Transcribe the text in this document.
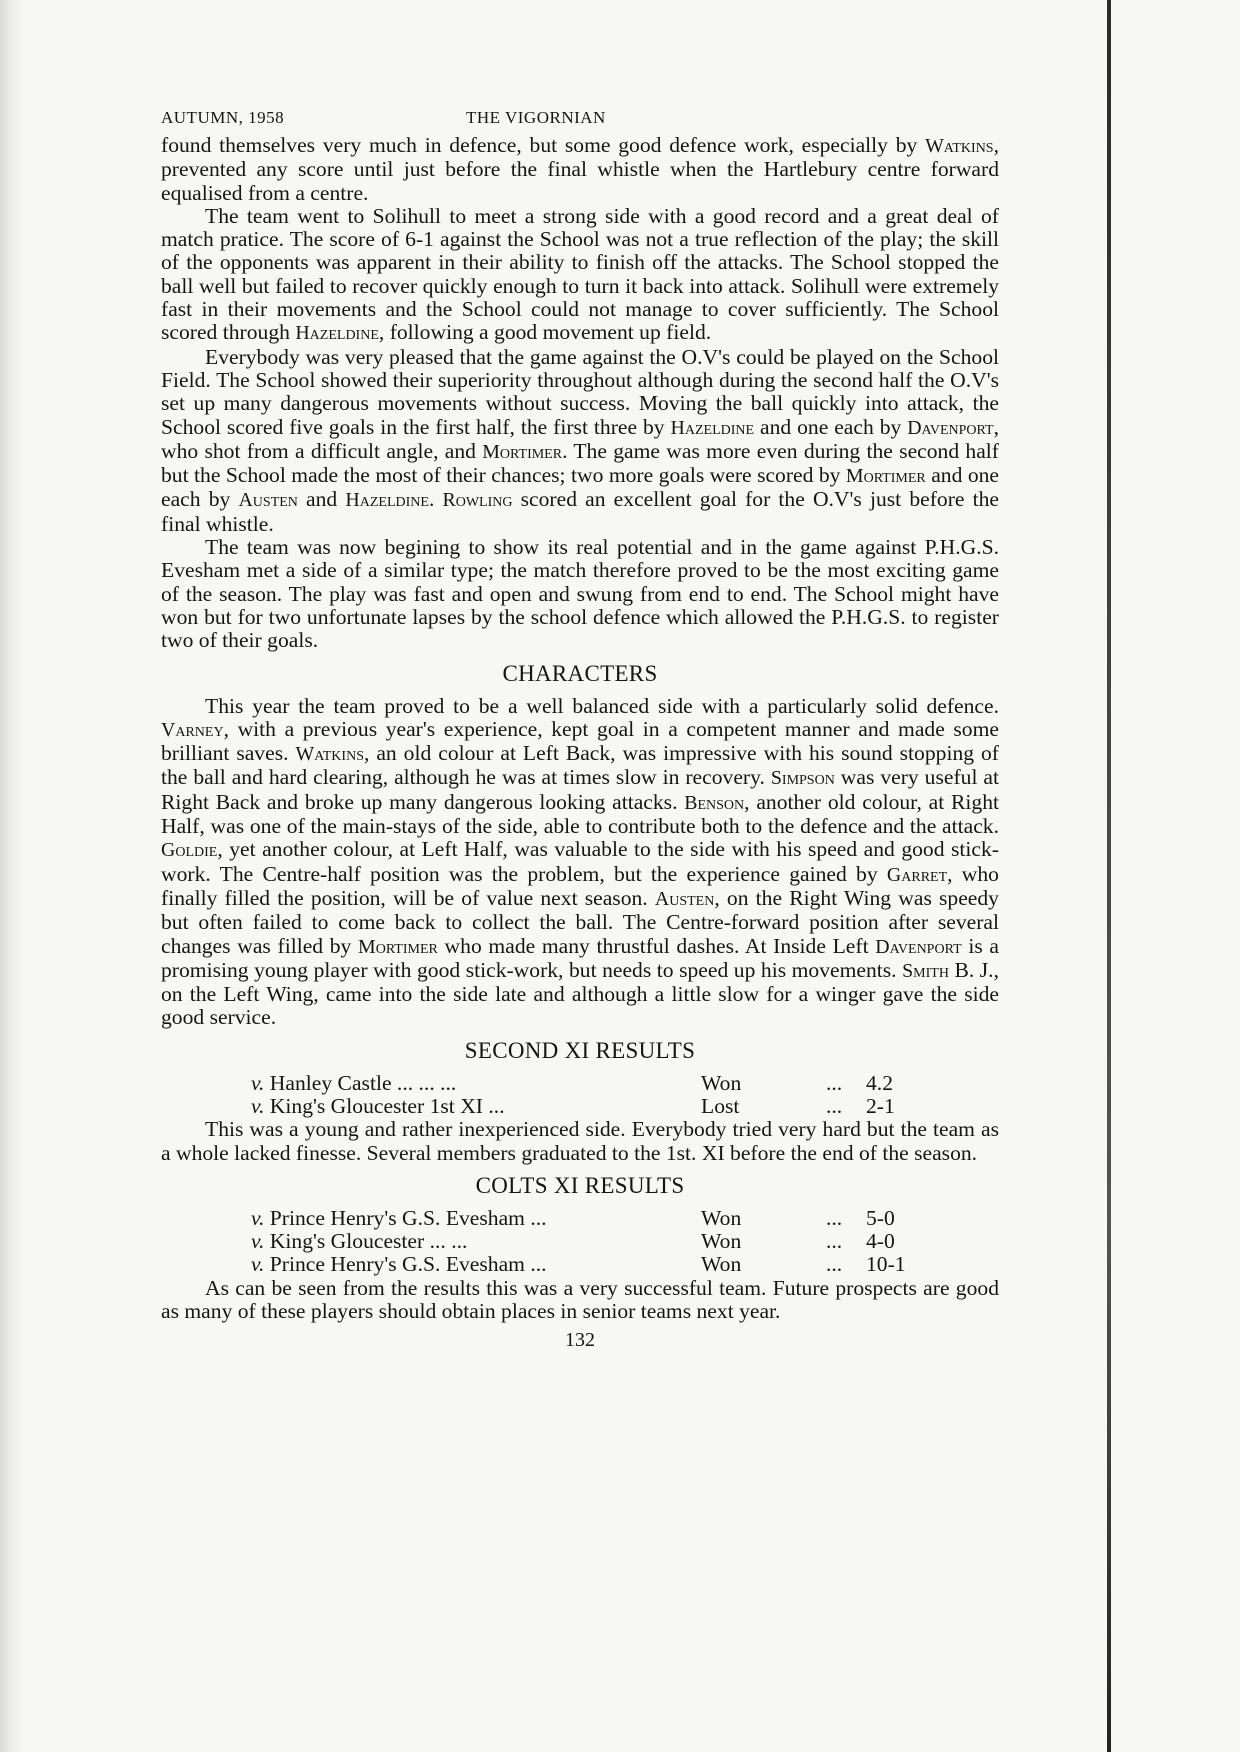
AUTUMN, 1958	THE VIGORNIAN

found themselves very much in defence, but some good defence work, especially by Watkins, prevented any score until just before the final whistle when the Hartlebury centre forward equalised from a centre.

The team went to Solihull to meet a strong side with a good record and a great deal of match pratice. The score of 6-1 against the School was not a true reflection of the play; the skill of the opponents was apparent in their ability to finish off the attacks. The School stopped the ball well but failed to recover quickly enough to turn it back into attack. Solihull were extremely fast in their movements and the School could not manage to cover sufficiently. The School scored through Hazeldine, following a good movement up field.

Everybody was very pleased that the game against the O.V's could be played on the School Field. The School showed their superiority throughout although during the second half the O.V's set up many dangerous movements without success. Moving the ball quickly into attack, the School scored five goals in the first half, the first three by Hazeldine and one each by Davenport, who shot from a difficult angle, and Mortimer. The game was more even during the second half but the School made the most of their chances; two more goals were scored by Mortimer and one each by Austen and Hazeldine. Rowling scored an excellent goal for the O.V's just before the final whistle.

The team was now begining to show its real potential and in the game against P.H.G.S. Evesham met a side of a similar type; the match therefore proved to be the most exciting game of the season. The play was fast and open and swung from end to end. The School might have won but for two unfortunate lapses by the school defence which allowed the P.H.G.S. to register two of their goals.

CHARACTERS

This year the team proved to be a well balanced side with a particularly solid defence. Varney, with a previous year's experience, kept goal in a competent manner and made some brilliant saves. Watkins, an old colour at Left Back, was impressive with his sound stopping of the ball and hard clearing, although he was at times slow in recovery. Simpson was very useful at Right Back and broke up many dangerous looking attacks. Benson, another old colour, at Right Half, was one of the main-stays of the side, able to contribute both to the defence and the attack. Goldie, yet another colour, at Left Half, was valuable to the side with his speed and good stick-work. The Centre-half position was the problem, but the experience gained by Garret, who finally filled the position, will be of value next season. Austen, on the Right Wing was speedy but often failed to come back to collect the ball. The Centre-forward position after several changes was filled by Mortimer who made many thrustful dashes. At Inside Left Davenport is a promising young player with good stick-work, but needs to speed up his movements. Smith B. J., on the Left Wing, came into the side late and although a little slow for a winger gave the side good service.

SECOND XI RESULTS
v. Hanley Castle ... ... ...	Won	...	4.2
v. King's Gloucester 1st XI ...	Lost	...	2-1

This was a young and rather inexperienced side. Everybody tried very hard but the team as a whole lacked finesse. Several members graduated to the 1st. XI before the end of the season.

COLTS XI RESULTS
v. Prince Henry's G.S. Evesham ...	Won	...	5-0
v. King's Gloucester ... ...	Won	...	4-0
v. Prince Henry's G.S. Evesham ...	Won	...	10-1

As can be seen from the results this was a very successful team. Future prospects are good as many of these players should obtain places in senior teams next year.

132
